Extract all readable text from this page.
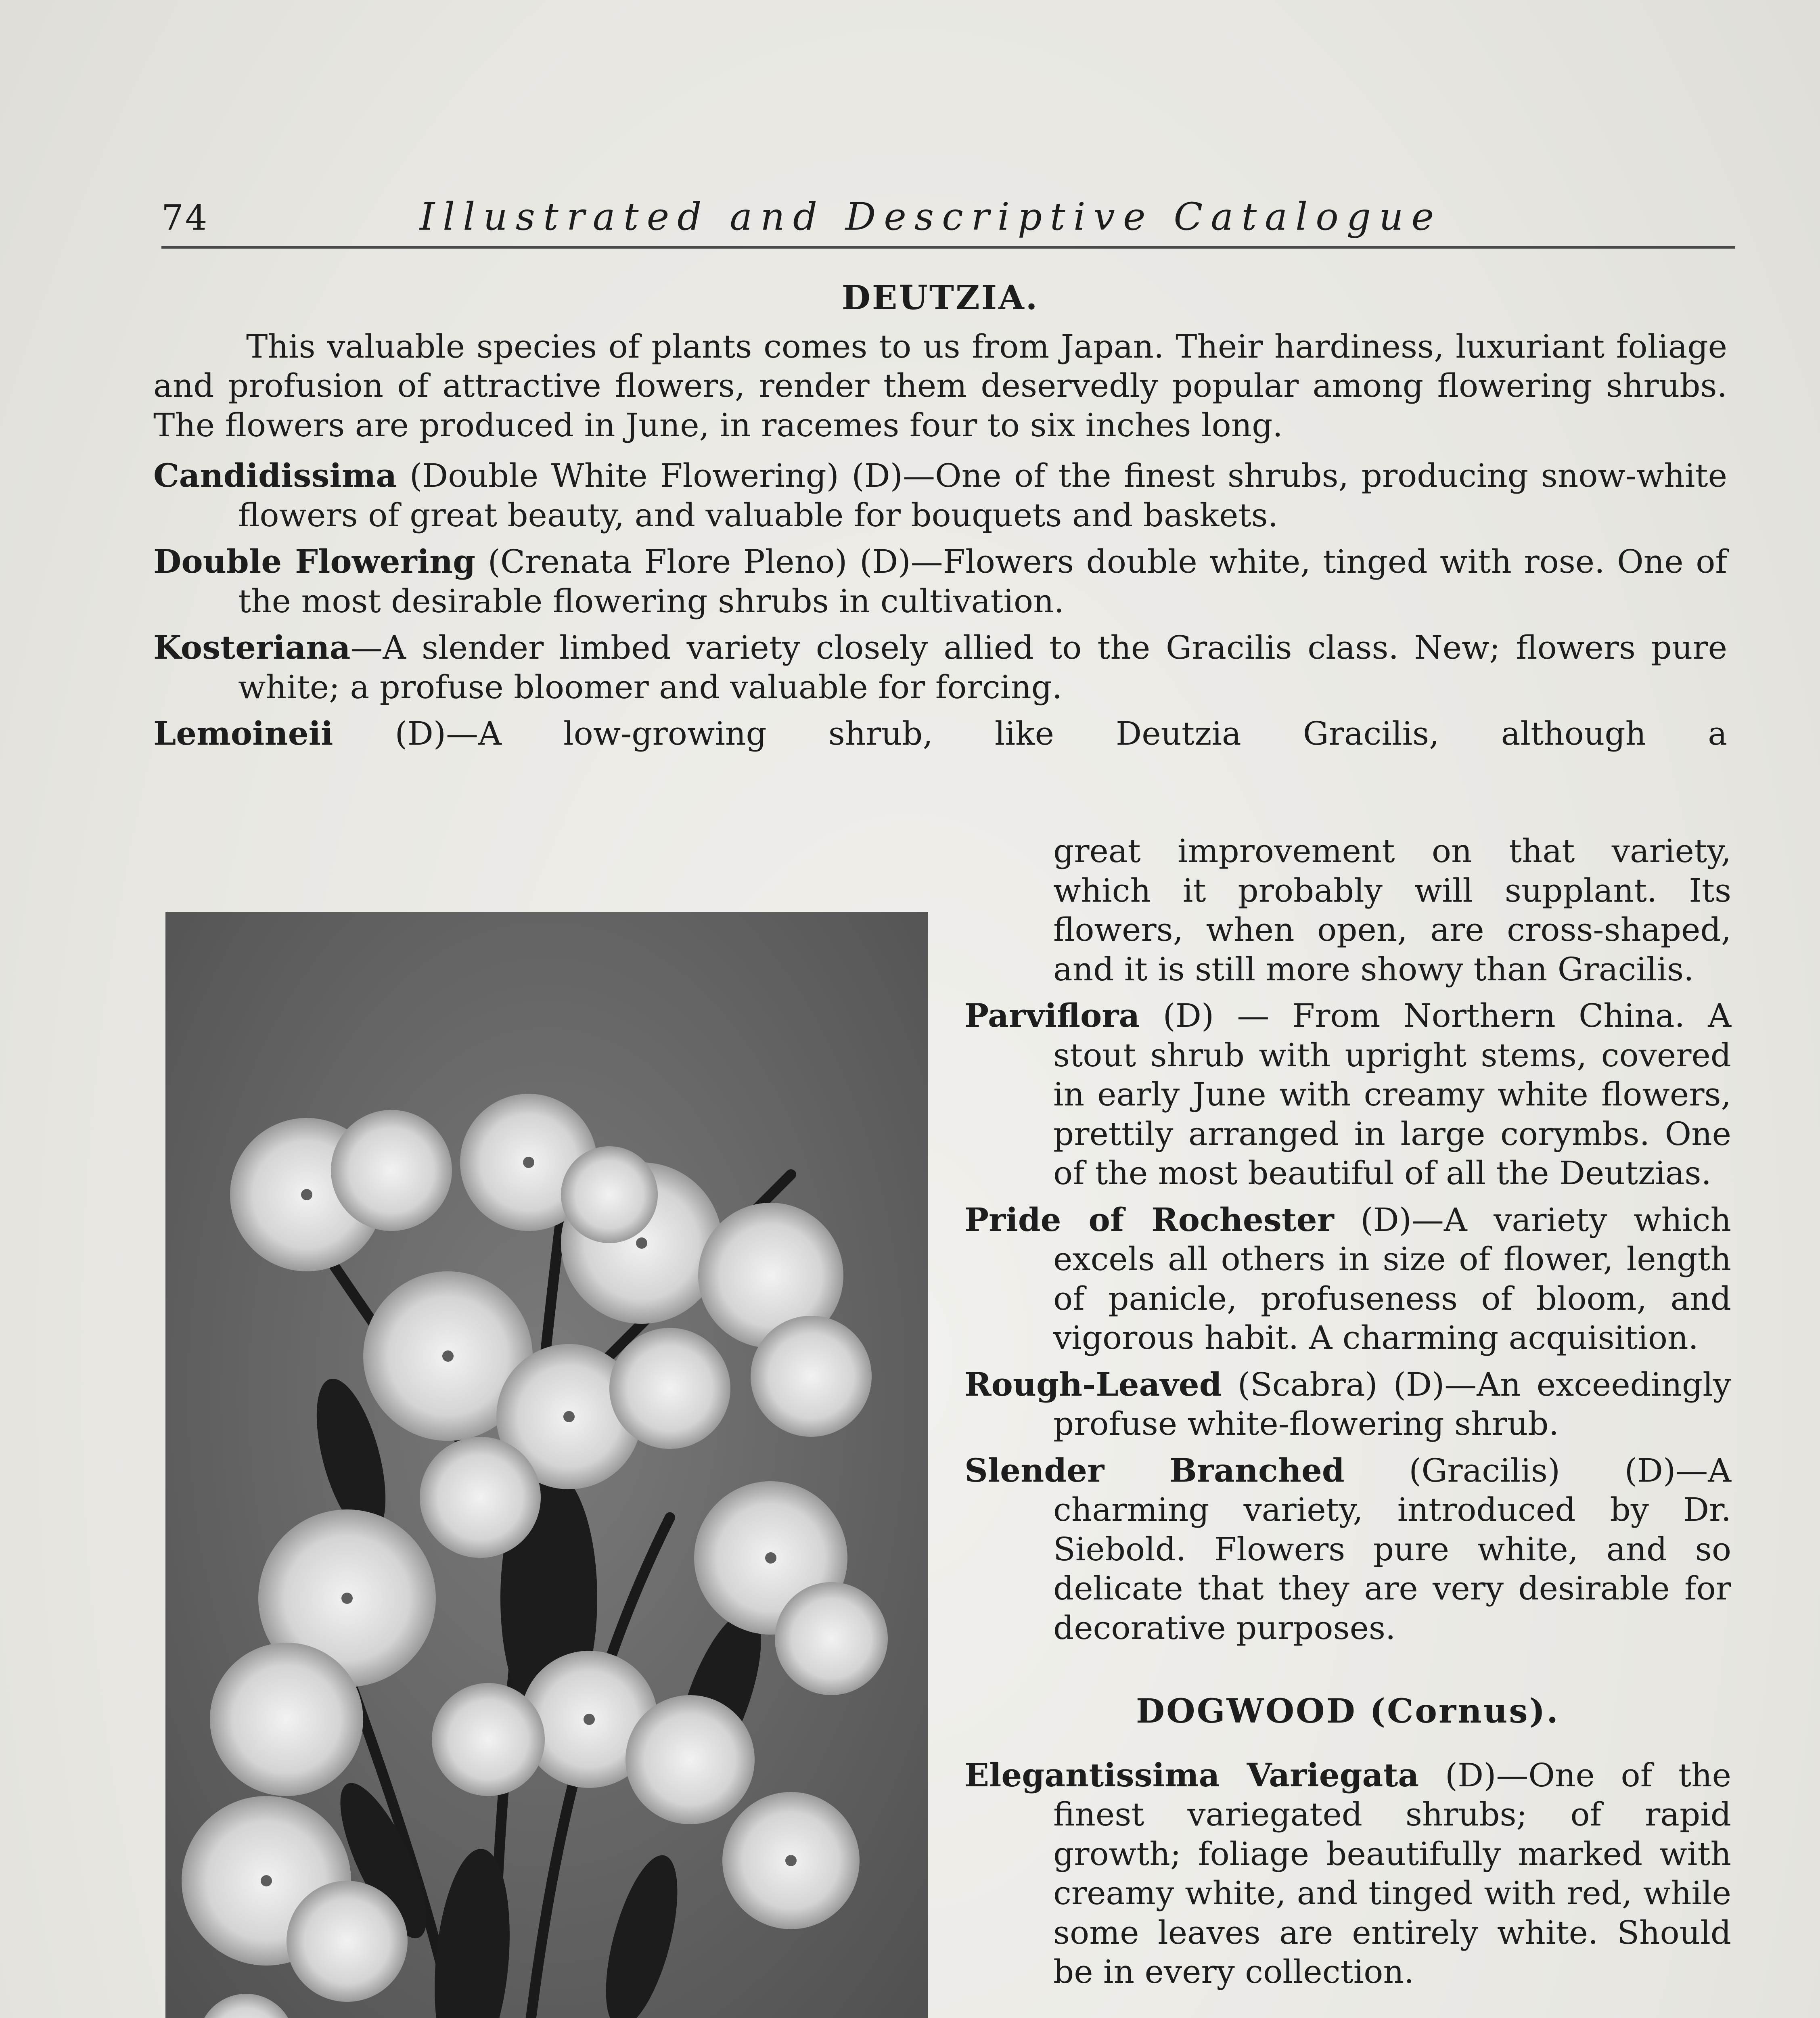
74	Illustrated and Descriptive Catalogue

DEUTZIA.

This valuable species of plants comes to us from Japan. Their hardiness, luxuriant foliage and profusion of attractive flowers, render them deservedly popular among flowering shrubs. The flowers are produced in June, in racemes four to six inches long.

Candidissima (Double White Flowering) (D)—One of the finest shrubs, producing snow-white flowers of great beauty, and valuable for bouquets and baskets.

Double Flowering (Crenata Flore Pleno) (D)—Flowers double white, tinged with rose. One of the most desirable flowering shrubs in cultivation.

Kosteriana—A slender limbed variety closely allied to the Gracilis class. New; flowers pure white; a profuse bloomer and valuable for forcing.

Lemoineii (D)—A low-growing shrub, like Deutzia Gracilis, although a

great improvement on that variety, which it probably will supplant. Its flowers, when open, are cross-shaped, and it is still more showy than Gracilis.

Parviflora (D) — From Northern China. A stout shrub with upright stems, covered in early June with creamy white flowers, prettily arranged in large corymbs. One of the most beautiful of all the Deutzias.

Pride of Rochester (D)—A variety which excels all others in size of flower, length of panicle, profuseness of bloom, and vigorous habit. A charming acquisition.

Rough-Leaved (Scabra) (D)—An exceedingly profuse white-flowering shrub.

Slender Branched (Gracilis) (D)—A charming variety, introduced by Dr. Siebold. Flowers pure white, and so delicate that they are very desirable for decorative purposes.

DOGWOOD (Cornus).

Elegantissima Variegata (D)—One of the finest variegated shrubs; of rapid growth; foliage beautifully marked with creamy white, and tinged with red, while some leaves are entirely white. Should be in every collection.
